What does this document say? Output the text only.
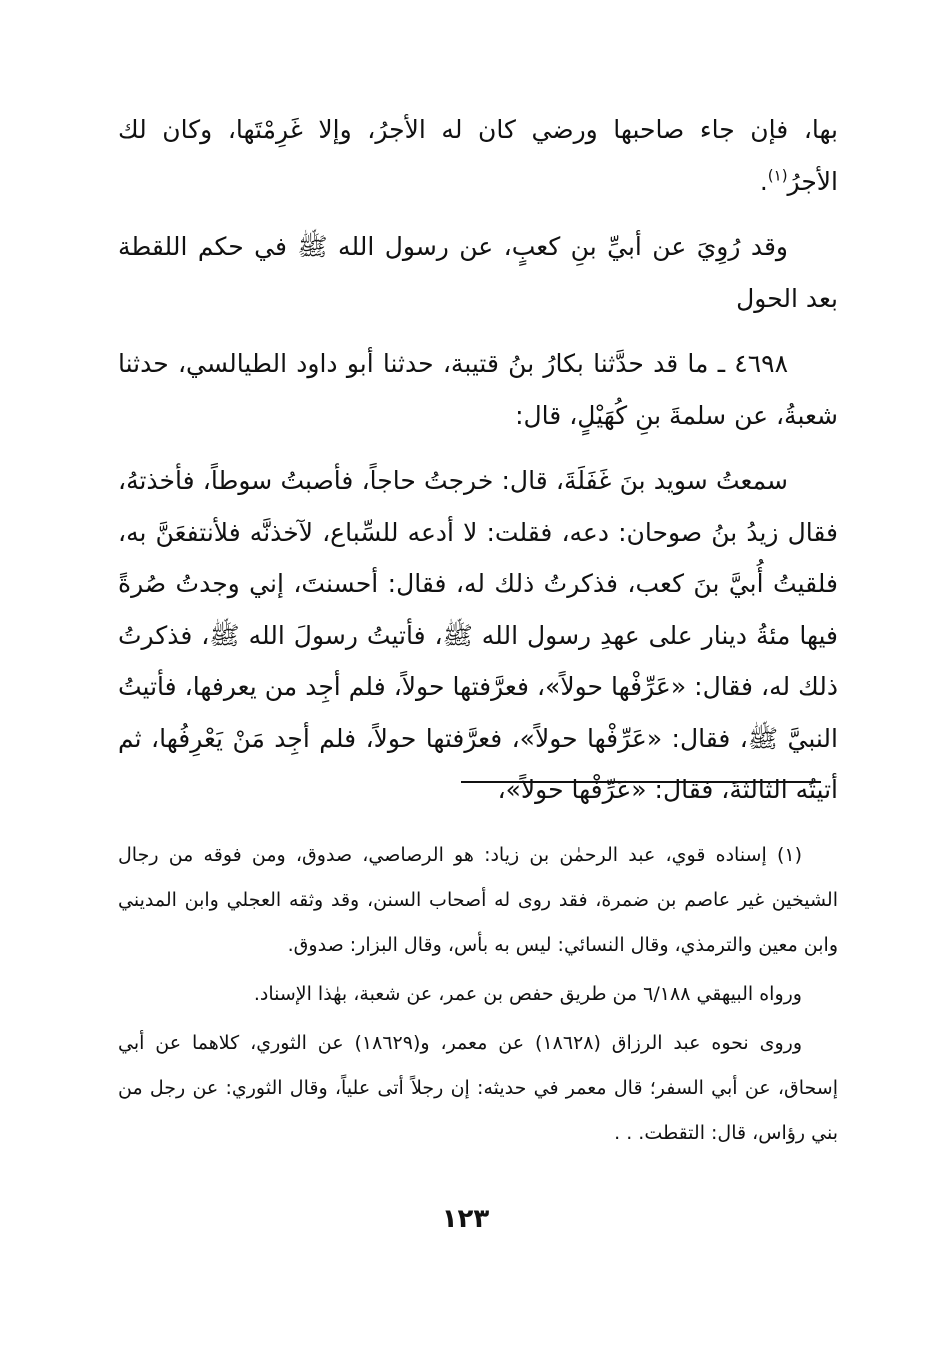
بها، فإن جاء صاحبها ورضي كان له الأجرُ، وإلا غَرِمْتَها، وكان لك الأجرُ$^{(١)}$.

وقد رُوِيَ عن أبيِّ بنِ كعبٍ، عن رسول الله ﷺ في حكم اللقطة بعد الحول

٤٦٩٨ ـ ما قد حدَّثنا بكارُ بنُ قتيبة، حدثنا أبو داود الطيالسي، حدثنا شعبةُ، عن سلمةَ بنِ كُهَيْلٍ، قال:

سمعتُ سويد بنَ غَفَلَةَ، قال: خرجتُ حاجاً، فأصبتُ سوطاً، فأخذتهُ، فقال زيدُ بنُ صوحان: دعه، فقلت: لا أدعه للسِّباع، لآخذنَّه فلأنتفعَنَّ به، فلقيتُ أُبيَّ بنَ كعب، فذكرتُ ذلك له، فقال: أحسنتَ، إني وجدتُ صُرةً فيها مئةُ دينار على عهدِ رسول الله ﷺ، فأتيتُ رسولَ الله ﷺ، فذكرتُ ذلك له، فقال: «عَرِّفْها حولاً»، فعرَّفتها حولاً، فلم أجِد من يعرفها، فأتيتُ النبيَّ ﷺ، فقال: «عَرِّفْها حولاً»، فعرَّفتها حولاً، فلم أجِد مَنْ يَعْرِفُها، ثم أتيتُه الثالثةَ، فقال: «عَرِّفْها حولاً»،

(١) إسناده قوي، عبد الرحمٰن بن زياد: هو الرصاصي، صدوق، ومن فوقه من رجال الشيخين غير عاصم بن ضمرة، فقد روى له أصحاب السنن، وقد وثقه العجلي وابن المديني وابن معين والترمذي، وقال النسائي: ليس به بأس، وقال البزار: صدوق.

ورواه البيهقي ٦/١٨٨ من طريق حفص بن عمر، عن شعبة، بهٰذا الإسناد.

وروى نحوه عبد الرزاق (١٨٦٢٨) عن معمر، و(١٨٦٢٩) عن الثوري، كلاهما عن أبي إسحاق، عن أبي السفر؛ قال معمر في حديثه: إن رجلاً أتى علياً، وقال الثوري: عن رجل من بني رؤاس، قال: التقطت. . .

١٢٣
